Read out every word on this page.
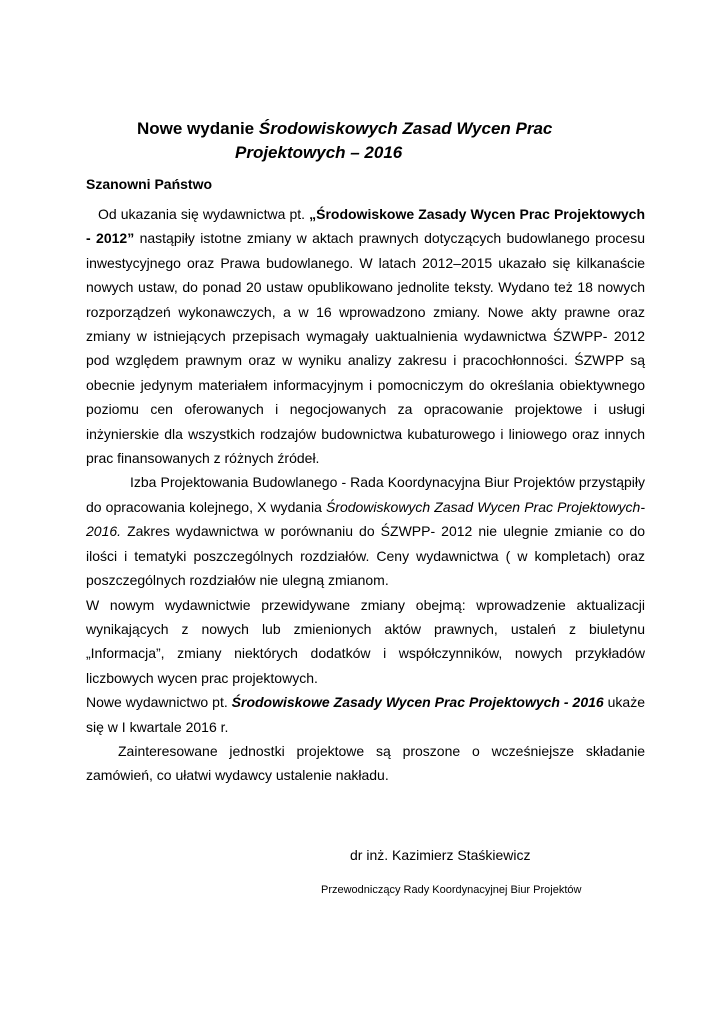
Nowe wydanie Środowiskowych Zasad Wycen Prac
Projektowych – 2016
Szanowni Państwo

Od ukazania się wydawnictwa pt. „Środowiskowe Zasady Wycen Prac Projektowych - 2012” nastąpiły istotne zmiany w aktach prawnych dotyczących budowlanego procesu inwestycyjnego oraz Prawa budowlanego. W latach 2012–2015 ukazało się kilkanaście nowych ustaw, do ponad 20 ustaw opublikowano jednolite teksty. Wydano też 18 nowych rozporządzeń wykonawczych, a w 16 wprowadzono zmiany. Nowe akty prawne oraz zmiany w istniejących przepisach wymagały uaktualnienia wydawnictwa ŚZWPP- 2012 pod względem prawnym oraz w wyniku analizy zakresu i pracochłonności. ŚZWPP są obecnie jedynym materiałem informacyjnym i pomocniczym do określania obiektywnego poziomu cen oferowanych i negocjowanych za opracowanie projektowe i usługi inżynierskie dla wszystkich rodzajów budownictwa kubaturowego i liniowego oraz innych prac finansowanych z różnych źródeł.

Izba Projektowania Budowlanego - Rada Koordynacyjna Biur Projektów przystąpiły do opracowania kolejnego, X wydania Środowiskowych Zasad Wycen Prac Projektowych-2016. Zakres wydawnictwa w porównaniu do ŚZWPP- 2012 nie ulegnie zmianie co do ilości i tematyki poszczególnych rozdziałów. Ceny wydawnictwa ( w kompletach) oraz poszczególnych rozdziałów nie ulegną zmianom.

W nowym wydawnictwie przewidywane zmiany obejmą: wprowadzenie aktualizacji wynikających z nowych lub zmienionych aktów prawnych, ustaleń z biuletynu „Informacja”, zmiany niektórych dodatków i współczynników, nowych przykładów liczbowych wycen prac projektowych.

Nowe wydawnictwo pt. Środowiskowe Zasady Wycen Prac Projektowych - 2016 ukaże się w I kwartale 2016 r.

Zainteresowane jednostki projektowe są proszone o wcześniejsze składanie zamówień, co ułatwi wydawcy ustalenie nakładu.

dr inż. Kazimierz Staśkiewicz
Przewodniczący Rady Koordynacyjnej Biur Projektów
